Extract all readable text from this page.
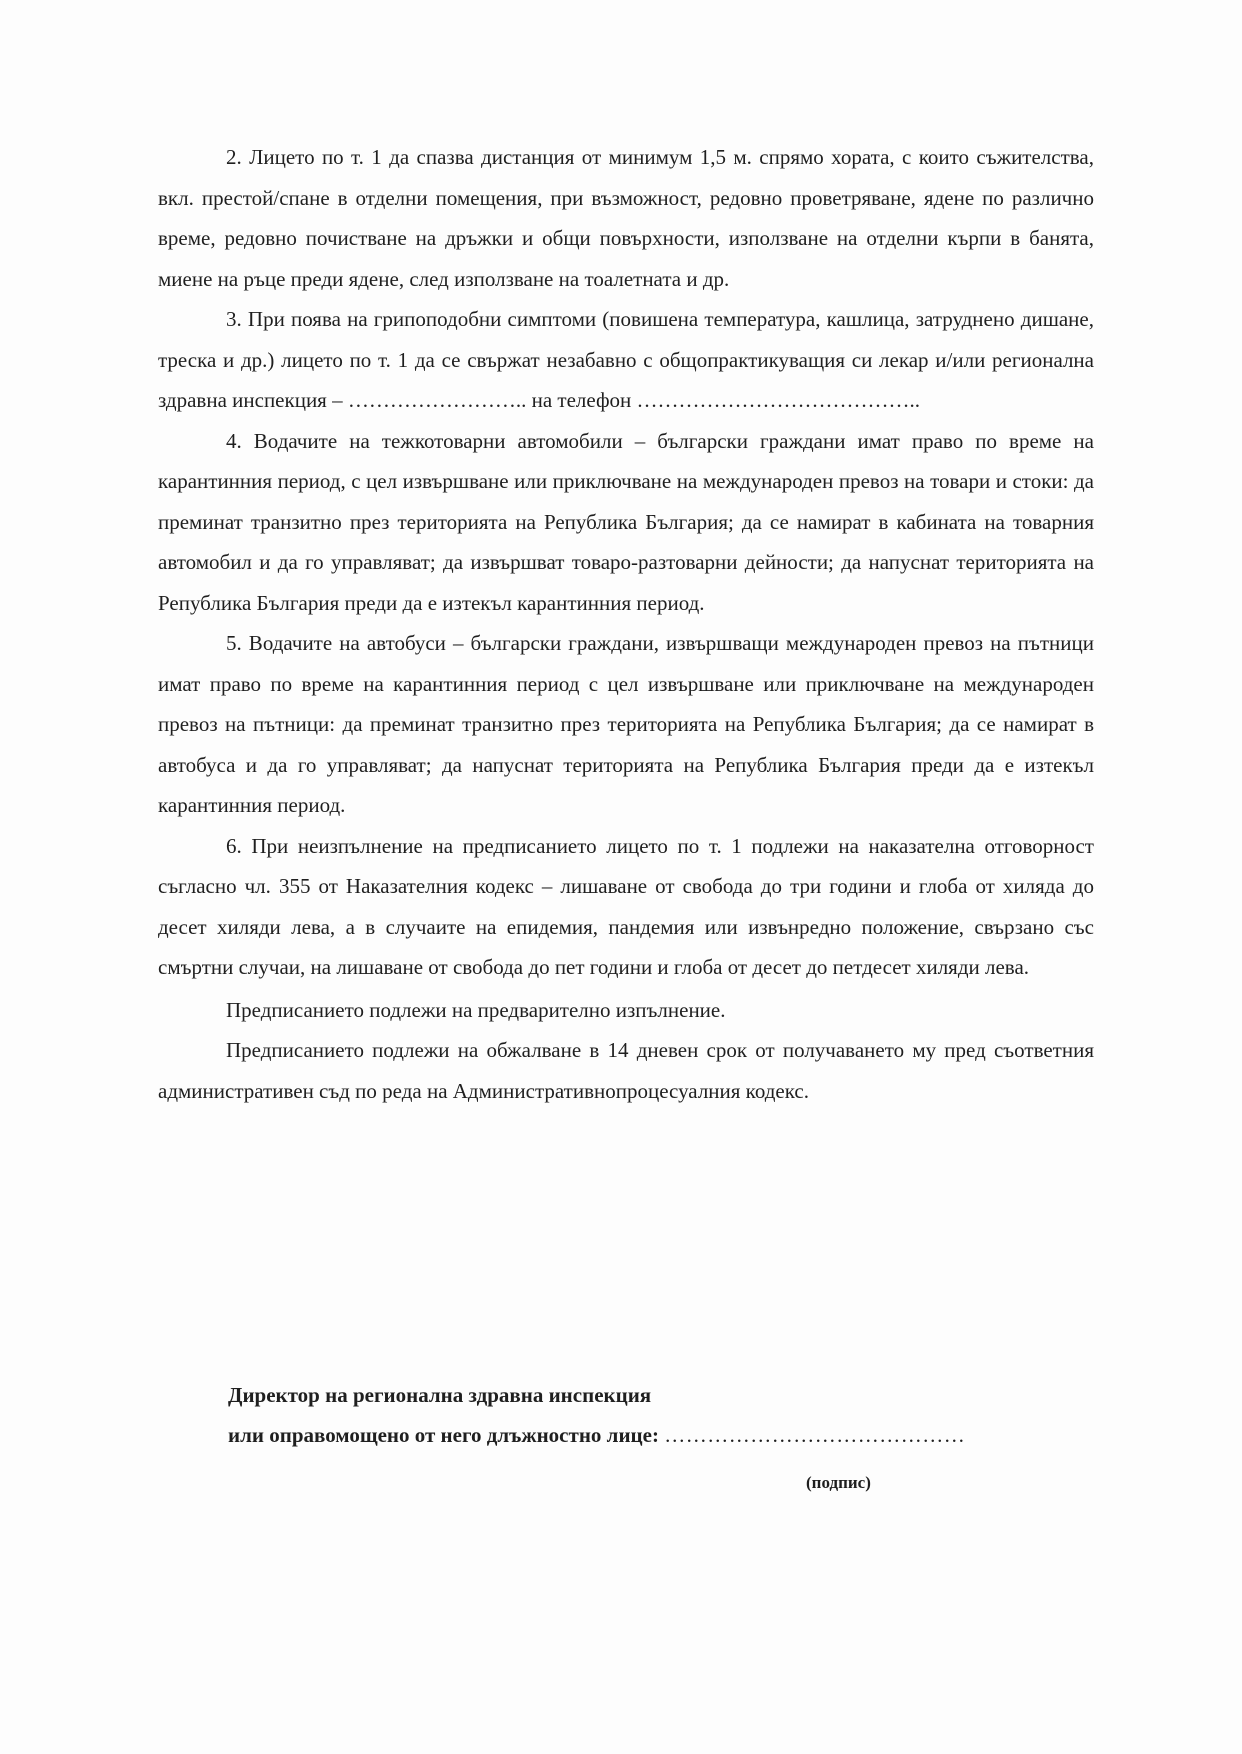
2. Лицето по т. 1 да спазва дистанция от минимум 1,5 м. спрямо хората, с които съжителства, вкл. престой/спане в отделни помещения, при възможност, редовно проветряване, ядене по различно време, редовно почистване на дръжки и общи повърхности, използване на отделни кърпи в банята, миене на ръце преди ядене, след използване на тоалетната и др.

3. При поява на грипоподобни симптоми (повишена температура, кашлица, затруднено дишане, треска и др.) лицето по т. 1 да се свържат незабавно с общопрактикуващия си лекар и/или регионална здравна инспекция – …………………….. на телефон …………………………………..

4. Водачите на тежкотоварни автомобили – български граждани имат право по време на карантинния период, с цел извършване или приключване на международен превоз на товари и стоки: да преминат транзитно през територията на Република България; да се намират в кабината на товарния автомобил и да го управляват; да извършват товаро-разтоварни дейности; да напуснат територията на Република България преди да е изтекъл карантинния период.

5. Водачите на автобуси – български граждани, извършващи международен превоз на пътници имат право по време на карантинния период с цел извършване или приключване на международен превоз на пътници: да преминат транзитно през територията на Република България; да се намират в автобуса и да го управляват; да напуснат територията на Република България преди да е изтекъл карантинния период.

6. При неизпълнение на предписанието лицето по т. 1 подлежи на наказателна отговорност съгласно чл. 355 от Наказателния кодекс – лишаване от свобода до три години и глоба от хиляда до десет хиляди лева, а в случаите на епидемия, пандемия или извънредно положение, свързано със смъртни случаи, на лишаване от свобода до пет години и глоба от десет до петдесет хиляди лева.

Предписанието подлежи на предварително изпълнение.

Предписанието подлежи на обжалване в 14 дневен срок от получаването му пред съответния административен съд по реда на Административнопроцесуалния кодекс.

Директор на регионална здравна инспекция
или оправомощено от него длъжностно лице: ……………………………………
(подпис)
